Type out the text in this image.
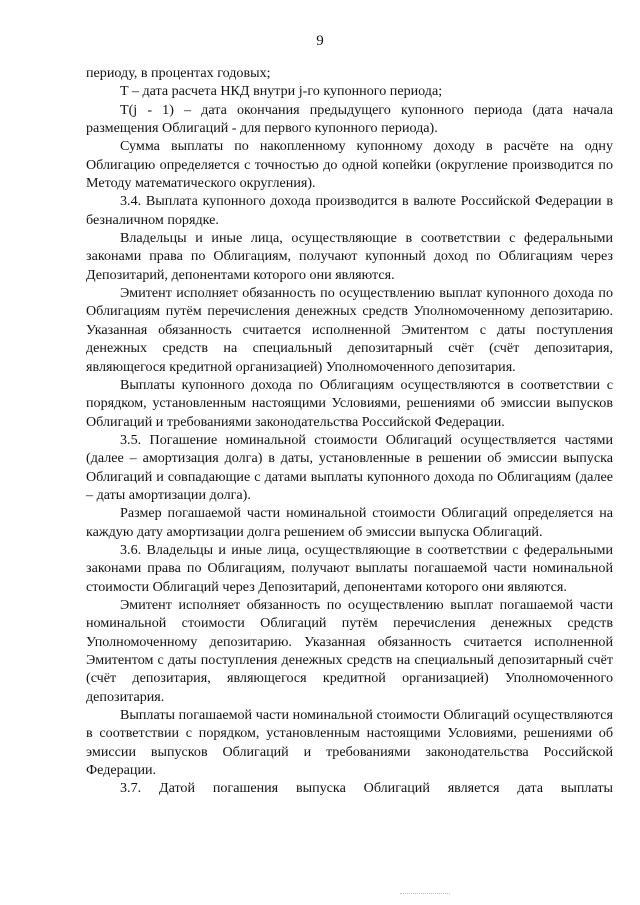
9

периоду, в процентах годовых;

T – дата расчета НКД внутри j-го купонного периода;

T(j - 1) – дата окончания предыдущего купонного периода (дата начала размещения Облигаций - для первого купонного периода).

Сумма выплаты по накопленному купонному доходу в расчёте на одну Облигацию определяется с точностью до одной копейки (округление производится по Методу математического округления).

3.4. Выплата купонного дохода производится в валюте Российской Федерации в безналичном порядке.

Владельцы и иные лица, осуществляющие в соответствии с федеральными законами права по Облигациям, получают купонный доход по Облигациям через Депозитарий, депонентами которого они являются.

Эмитент исполняет обязанность по осуществлению выплат купонного дохода по Облигациям путём перечисления денежных средств Уполномоченному депозитарию. Указанная обязанность считается исполненной Эмитентом с даты поступления денежных средств на специальный депозитарный счёт (счёт депозитария, являющегося кредитной организацией) Уполномоченного депозитария.

Выплаты купонного дохода по Облигациям осуществляются в соответствии с порядком, установленным настоящими Условиями, решениями об эмиссии выпусков Облигаций и требованиями законодательства Российской Федерации.

3.5. Погашение номинальной стоимости Облигаций осуществляется частями (далее – амортизация долга) в даты, установленные в решении об эмиссии выпуска Облигаций и совпадающие с датами выплаты купонного дохода по Облигациям (далее – даты амортизации долга).

Размер погашаемой части номинальной стоимости Облигаций определяется на каждую дату амортизации долга решением об эмиссии выпуска Облигаций.

3.6. Владельцы и иные лица, осуществляющие в соответствии с федеральными законами права по Облигациям, получают выплаты погашаемой части номинальной стоимости Облигаций через Депозитарий, депонентами которого они являются.

Эмитент исполняет обязанность по осуществлению выплат погашаемой части номинальной стоимости Облигаций путём перечисления денежных средств Уполномоченному депозитарию. Указанная обязанность считается исполненной Эмитентом с даты поступления денежных средств на специальный депозитарный счёт (счёт депозитария, являющегося кредитной организацией) Уполномоченного депозитария.

Выплаты погашаемой части номинальной стоимости Облигаций осуществляются в соответствии с порядком, установленным настоящими Условиями, решениями об эмиссии выпусков Облигаций и требованиями законодательства Российской Федерации.

3.7. Датой погашения выпуска Облигаций является дата выплаты
